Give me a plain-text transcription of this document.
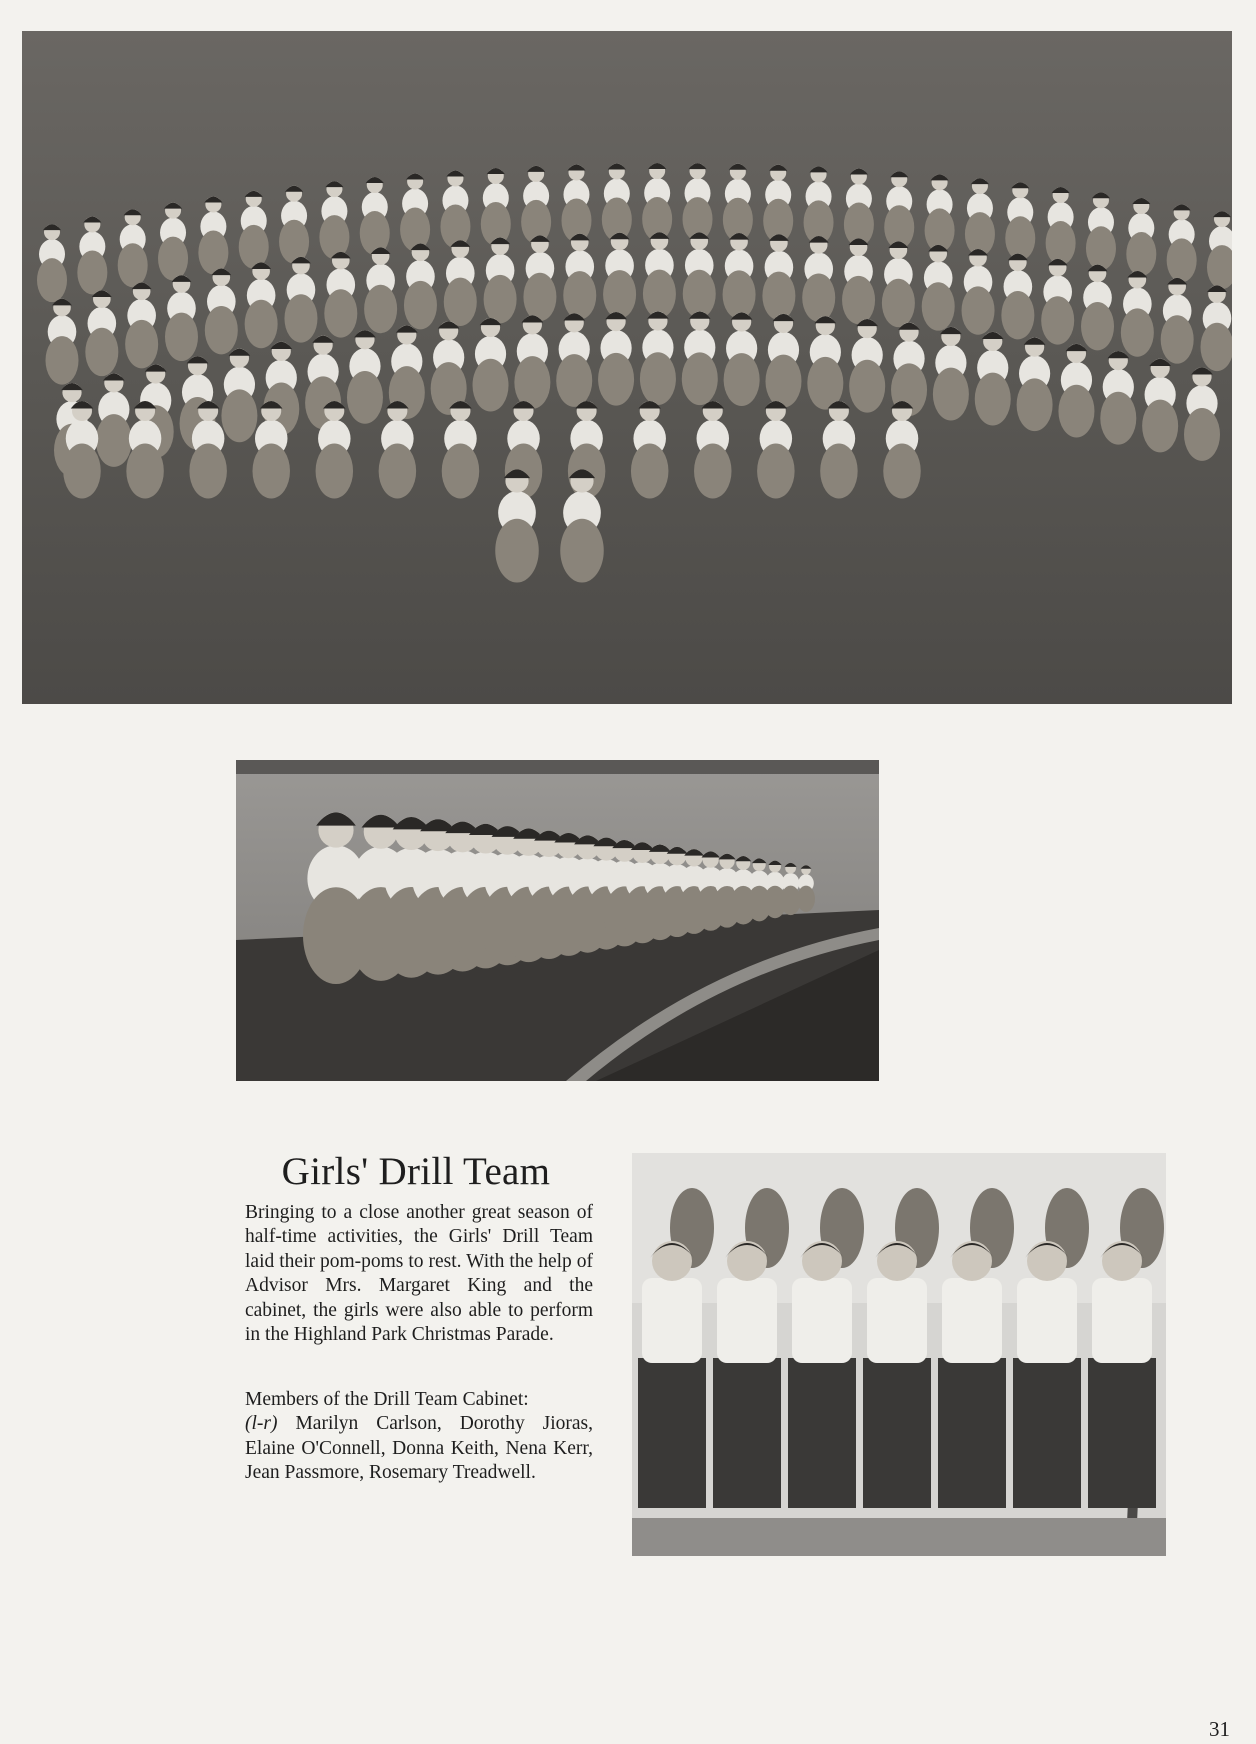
Girls' Drill Team

Bringing to a close another great season of half-time activities, the Girls' Drill Team laid their pom-poms to rest. With the help of Advisor Mrs. Margaret King and the cabinet, the girls were also able to perform in the Highland Park Christmas Parade.

Members of the Drill Team Cabinet:
(l-r) Marilyn Carlson, Dorothy Jioras, Elaine O'Connell, Donna Keith, Nena Kerr, Jean Passmore, Rosemary Treadwell.

31
